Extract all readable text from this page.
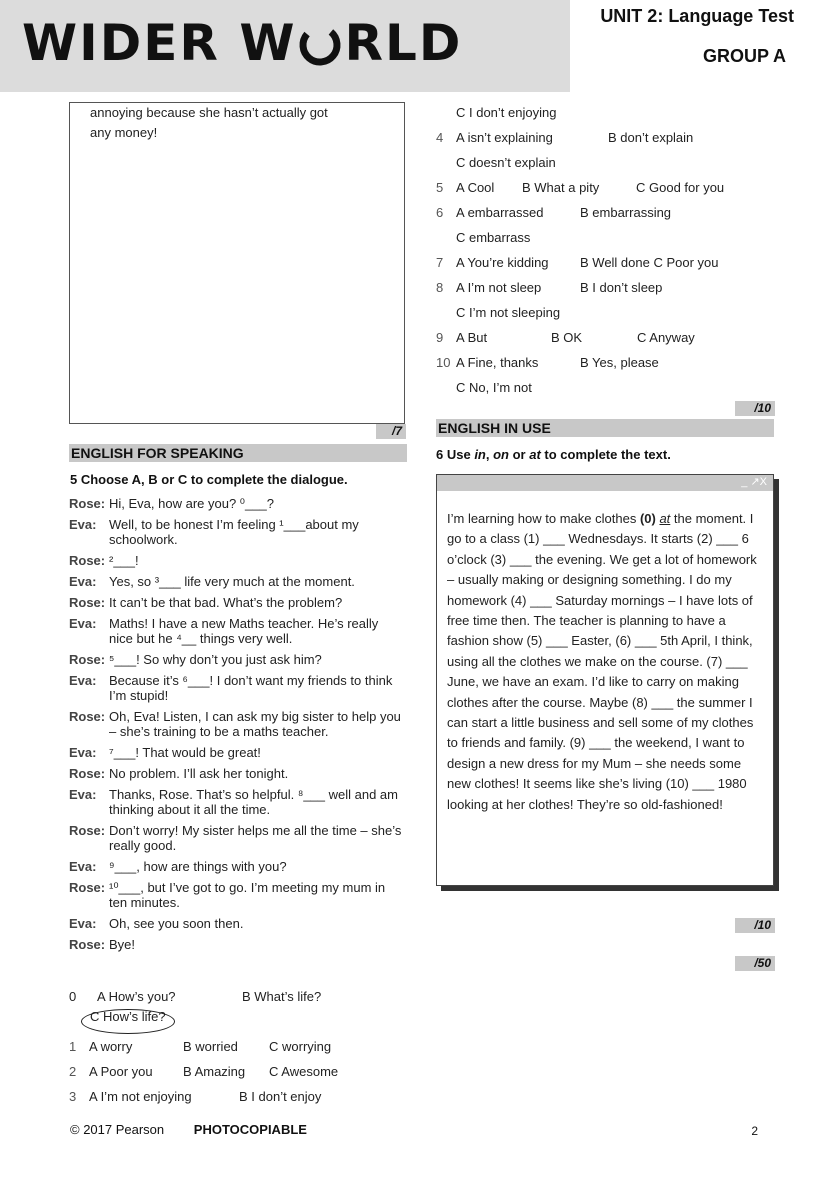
WIDER W RLD	UNIT 2: Language Test
GROUP A

annoying because she hasn’t actually got

any money!

/7
ENGLISH FOR SPEAKING
5 Choose A, B or C to complete the dialogue.
Rose: Hi, Eva, how are you? ⁰___?
Eva: Well, to be honest I’m feeling ¹___about my schoolwork.
Rose: ²___!
Eva: Yes, so ³___ life very much at the moment.
Rose: It can’t be that bad. What’s the problem?
Eva: Maths! I have a new Maths teacher. He’s really nice but he ⁴__ things very well.
Rose: ⁵___! So why don’t you just ask him?
Eva: Because it’s ⁶___! I don’t want my friends to think I’m stupid!
Rose: Oh, Eva! Listen, I can ask my big sister to help you – she’s training to be a maths teacher.
Eva: ⁷___! That would be great!
Rose: No problem. I’ll ask her tonight.
Eva: Thanks, Rose. That’s so helpful. ⁸___ well and am thinking about it all the time.
Rose: Don’t worry! My sister helps me all the time – she’s really good.
Eva: ⁹___, how are things with you?
Rose: ¹⁰___, but I’ve got to go. I’m meeting my mum in ten minutes.
Eva: Oh, see you soon then.
Rose: Bye!
0	A How’s you?	B What’s life?
C How’s life?
1 A worry	B worried	C worrying
2 A Poor you	B Amazing	C Awesome
3 A I’m not enjoying	B I don’t enjoy
C I don’t enjoying
4 A isn’t explaining	B don’t explain
C doesn’t explain
5 A Cool	B What a pity	C Good for you
6 A embarrassed	B embarrassing
C embarrass
7 A You’re kidding	B Well done C Poor you
8 A I’m not sleep	B I don’t sleep
C I’m not sleeping
9 A But	B OK	C Anyway
10 A Fine, thanks	B Yes, please
C No, I’m not
/10
ENGLISH IN USE
6 Use in, on or at to complete the text.
_ ↗X
I’m learning how to make clothes (0) at the moment. I go to a class (1) ___ Wednesdays. It starts (2) ___ 6 o’clock (3) ___ the evening. We get a lot of homework – usually making or designing something. I do my homework (4) ___ Saturday mornings – I have lots of free time then. The teacher is planning to have a fashion show (5) ___ Easter, (6) ___ 5th April, I think, using all the clothes we make on the course. (7) ___ June, we have an exam. I’d like to carry on making clothes after the course. Maybe (8) ___ the summer I can start a little business and sell some of my clothes to friends and family. (9) ___ the weekend, I want to design a new dress for my Mum – she needs some new clothes! It seems like she’s living (10) ___ 1980 looking at her clothes! They’re so old-fashioned!
/10
/50
© 2017 Pearson PHOTOCOPIABLE	2
